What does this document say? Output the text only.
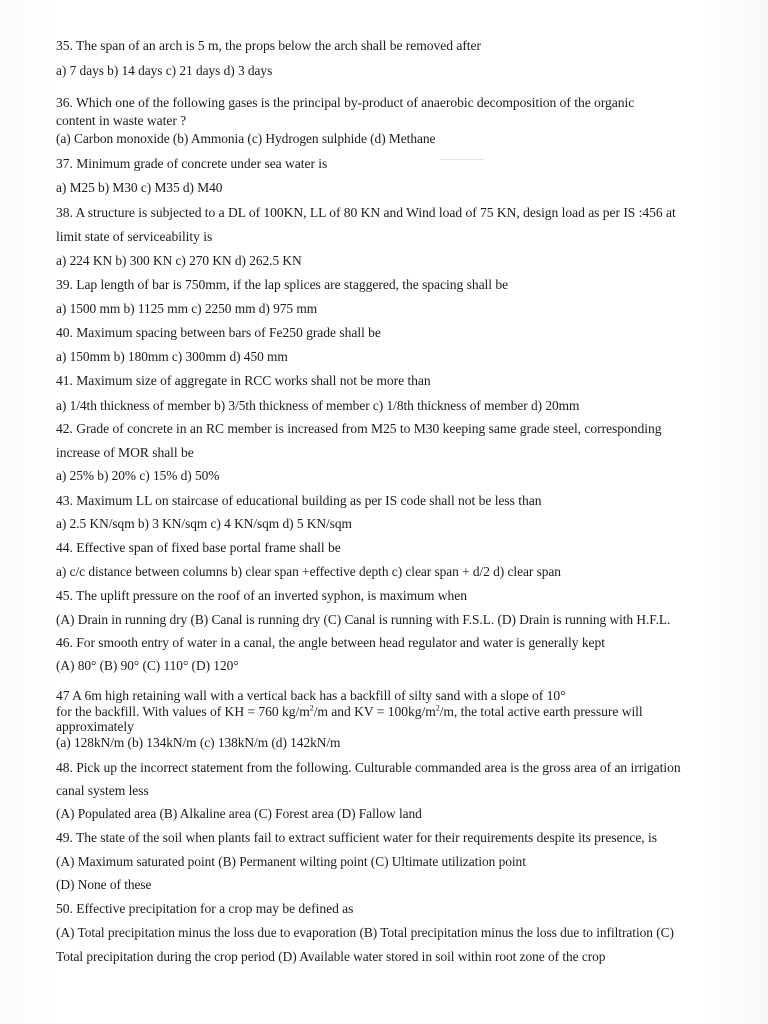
35. The span of an arch is 5 m, the props below the arch shall be removed after
a) 7 days b) 14 days c) 21 days d) 3 days
36. Which one of the following gases is the principal by-product of anaerobic decomposition of the organic
content in waste water ?
(a) Carbon monoxide (b) Ammonia (c) Hydrogen sulphide (d) Methane
37. Minimum grade of concrete under sea water is
a) M25 b) M30 c) M35 d) M40
38. A structure is subjected to a DL of 100KN, LL of 80 KN and Wind load of 75 KN, design load as per IS :456 at
limit state of serviceability is
a) 224 KN b) 300 KN c) 270 KN d) 262.5 KN
39. Lap length of bar is 750mm, if the lap splices are staggered, the spacing shall be
a) 1500 mm b) 1125 mm c) 2250 mm d) 975 mm
40. Maximum spacing between bars of Fe250 grade shall be
a) 150mm b) 180mm c) 300mm d) 450 mm
41. Maximum size of aggregate in RCC works shall not be more than
a) 1/4th thickness of member b) 3/5th thickness of member c) 1/8th thickness of member d) 20mm
42. Grade of concrete in an RC member is increased from M25 to M30 keeping same grade steel, corresponding
increase of MOR shall be
a) 25% b) 20% c) 15% d) 50%
43. Maximum LL on staircase of educational building as per IS code shall not be less than
a) 2.5 KN/sqm b) 3 KN/sqm c) 4 KN/sqm d) 5 KN/sqm
44. Effective span of fixed base portal frame shall be
a) c/c distance between columns b) clear span +effective depth c) clear span + d/2 d) clear span
45. The uplift pressure on the roof of an inverted syphon, is maximum when
(A) Drain in running dry (B) Canal is running dry (C) Canal is running with F.S.L. (D) Drain is running with H.F.L.
46. For smooth entry of water in a canal, the angle between head regulator and water is generally kept
(A) 80° (B) 90° (C) 110° (D) 120°
47 A 6m high retaining wall with a vertical back has a backfill of silty sand with a slope of 10°
for the backfill. With values of KH = 760 $kg/m^2/m$ and KV = $100kg/m^2/m$, the total active earth pressure will
approximately
(a) 128kN/m (b) 134kN/m (c) 138kN/m (d) 142kN/m
48. Pick up the incorrect statement from the following. Culturable commanded area is the gross area of an irrigation
canal system less
(A) Populated area (B) Alkaline area (C) Forest area (D) Fallow land
49. The state of the soil when plants fail to extract sufficient water for their requirements despite its presence, is
(A) Maximum saturated point (B) Permanent wilting point (C) Ultimate utilization point
(D) None of these
50. Effective precipitation for a crop may be defined as
(A) Total precipitation minus the loss due to evaporation (B) Total precipitation minus the loss due to infiltration (C)
Total precipitation during the crop period (D) Available water stored in soil within root zone of the crop
